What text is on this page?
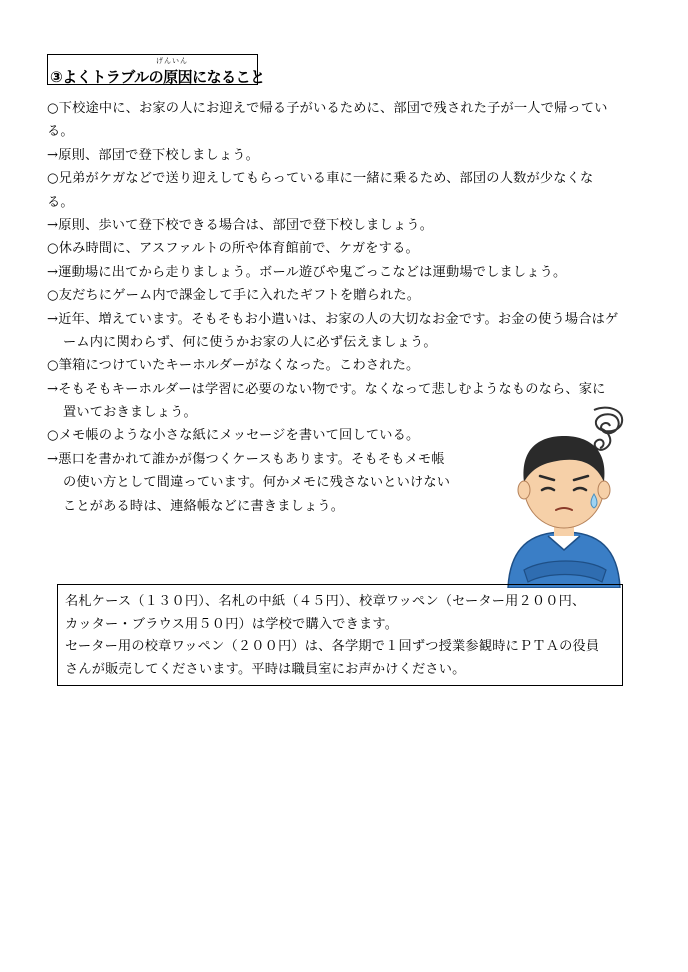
げんいん
③よくトラブルの原因になること
○下校途中に、お家の人にお迎えで帰る子がいるために、部団で残された子が一人で帰ってい
る。
→原則、部団で登下校しましょう。
○兄弟がケガなどで送り迎えしてもらっている車に一緒に乗るため、部団の人数が少なくな
る。
→原則、歩いて登下校できる場合は、部団で登下校しましょう。
○休み時間に、アスファルトの所や体育館前で、ケガをする。
→運動場に出てから走りましょう。ボール遊びや鬼ごっこなどは運動場でしましょう。
○友だちにゲーム内で課金して手に入れたギフトを贈られた。
→近年、増えています。そもそもお小遣いは、お家の人の大切なお金です。お金の使う場合はゲ
ーム内に関わらず、何に使うかお家の人に必ず伝えましょう。
○筆箱につけていたキーホルダーがなくなった。こわされた。
→そもそもキーホルダーは学習に必要のない物です。なくなって悲しむようなものなら、家に
置いておきましょう。
○メモ帳のような小さな紙にメッセージを書いて回している。
→悪口を書かれて誰かが傷つくケースもあります。そもそもメモ帳
の使い方として間違っています。何かメモに残さないといけない
ことがある時は、連絡帳などに書きましょう。
名札ケース（１３０円）、名札の中紙（４５円）、校章ワッペン（セーター用２００円、
カッター・ブラウス用５０円）は学校で購入できます。
セーター用の校章ワッペン（２００円）は、各学期で１回ずつ授業参観時にＰＴＡの役員
さんが販売してくださいます。平時は職員室にお声かけください。
